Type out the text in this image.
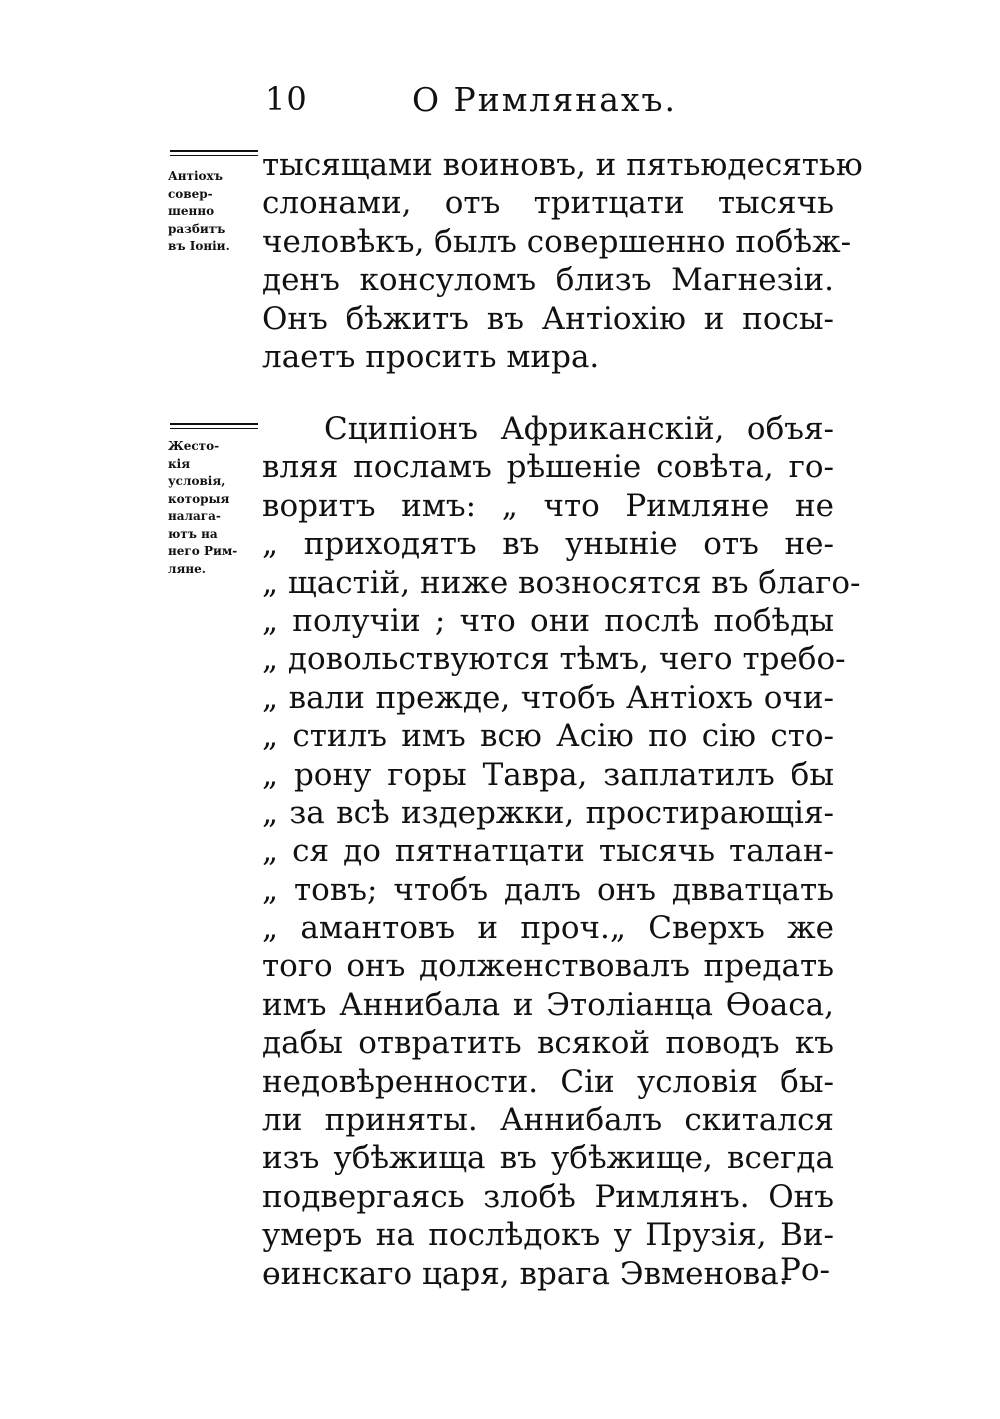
10	О Римлянахъ.
Антiохъ
совер-
шенно
разбитъ
въ Iонiи.
тысящами воиновъ, и пятьюдесятью
слонами, отъ тритцати тысячь
человѣкъ, былъ совершенно побѣж-
денъ консуломъ близъ Магнезiи.
Онъ бѣжитъ въ Антiохiю и посы-
лаетъ просить мира.
Жесто-
кiя
условiя,
которыя
налага-
ютъ на
него Рим-
ляне.
Сципiонъ Африканскiй, объя-
вляя посламъ рѣшенiе совѣта, го-
воритъ имъ: „ что Римляне не
„ приходятъ въ уныніе отъ не-
„ щастiй, ниже возносятся въ благо-
„ получiи ; что они послѣ побѣды
„ довольствуются тѣмъ, чего требо-
„ вали прежде, чтобъ Антiохъ очи-
„ стилъ имъ всю Асiю по сiю сто-
„ рону горы Тавра, заплатилъ бы
„ за всѣ издержки, простирающiя-
„ ся до пятнатцати тысячь талан-
„ товъ; чтобъ далъ онъ двватцать
„ амантовъ и проч.„ Сверхъ же
того онъ долженствовалъ предать
имъ Аннибала и Этолiанца Өоаса,
дабы отвратить всякой поводъ къ
недовѣренности. Сiи условiя бы-
ли приняты. Аннибалъ скитался
изъ убѣжища въ убѣжище, всегда
подвергаясь злобѣ Римлянъ. Онъ
умеръ на послѣдокъ у Прузiя, Ви-
өинскаго царя, врага Эвменова.
Ро-
